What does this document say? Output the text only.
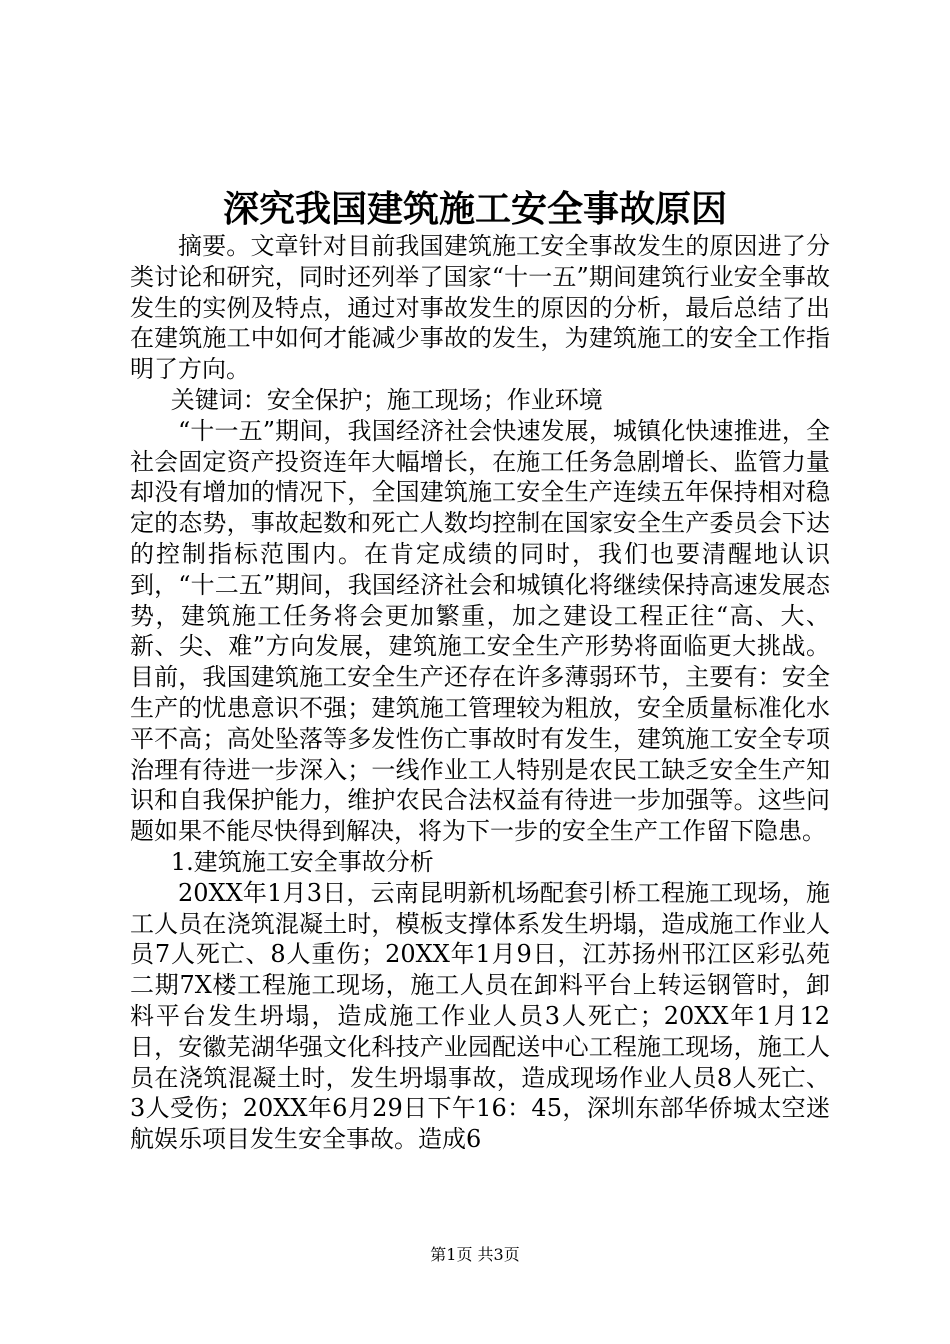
深究我国建筑施工安全事故原因

摘要。文章针对目前我国建筑施工安全事故发生的原因进了分类讨论和研究，同时还列举了国家“十一五”期间建筑行业安全事故发生的实例及特点，通过对事故发生的原因的分析，最后总结了出在建筑施工中如何才能减少事故的发生，为建筑施工的安全工作指明了方向。

关键词：安全保护；施工现场；作业环境

“十一五”期间，我国经济社会快速发展，城镇化快速推进，全社会固定资产投资连年大幅增长，在施工任务急剧增长、监管力量却没有增加的情况下，全国建筑施工安全生产连续五年保持相对稳定的态势，事故起数和死亡人数均控制在国家安全生产委员会下达的控制指标范围内。在肯定成绩的同时，我们也要清醒地认识到，“十二五”期间，我国经济社会和城镇化将继续保持高速发展态势，建筑施工任务将会更加繁重，加之建设工程正往“高、大、新、尖、难”方向发展，建筑施工安全生产形势将面临更大挑战。目前，我国建筑施工安全生产还存在许多薄弱环节，主要有：安全生产的忧患意识不强；建筑施工管理较为粗放，安全质量标准化水平不高；高处坠落等多发性伤亡事故时有发生，建筑施工安全专项治理有待进一步深入；一线作业工人特别是农民工缺乏安全生产知识和自我保护能力，维护农民合法权益有待进一步加强等。这些问题如果不能尽快得到解决，将为下一步的安全生产工作留下隐患。

1.建筑施工安全事故分析

20XX年1月3日，云南昆明新机场配套引桥工程施工现场，施工人员在浇筑混凝土时，模板支撑体系发生坍塌，造成施工作业人员7人死亡、8人重伤；20XX年1月9日，江苏扬州邗江区彩弘苑二期7X楼工程施工现场，施工人员在卸料平台上转运钢管时，卸料平台发生坍塌，造成施工作业人员3人死亡；20XX年1月12日，安徽芜湖华强文化科技产业园配送中心工程施工现场，施工人员在浇筑混凝土时，发生坍塌事故，造成现场作业人员8人死亡、3人受伤；20XX年6月29日下午16：45，深圳东部华侨城太空迷航娱乐项目发生安全事故。造成6

第1页 共3页
